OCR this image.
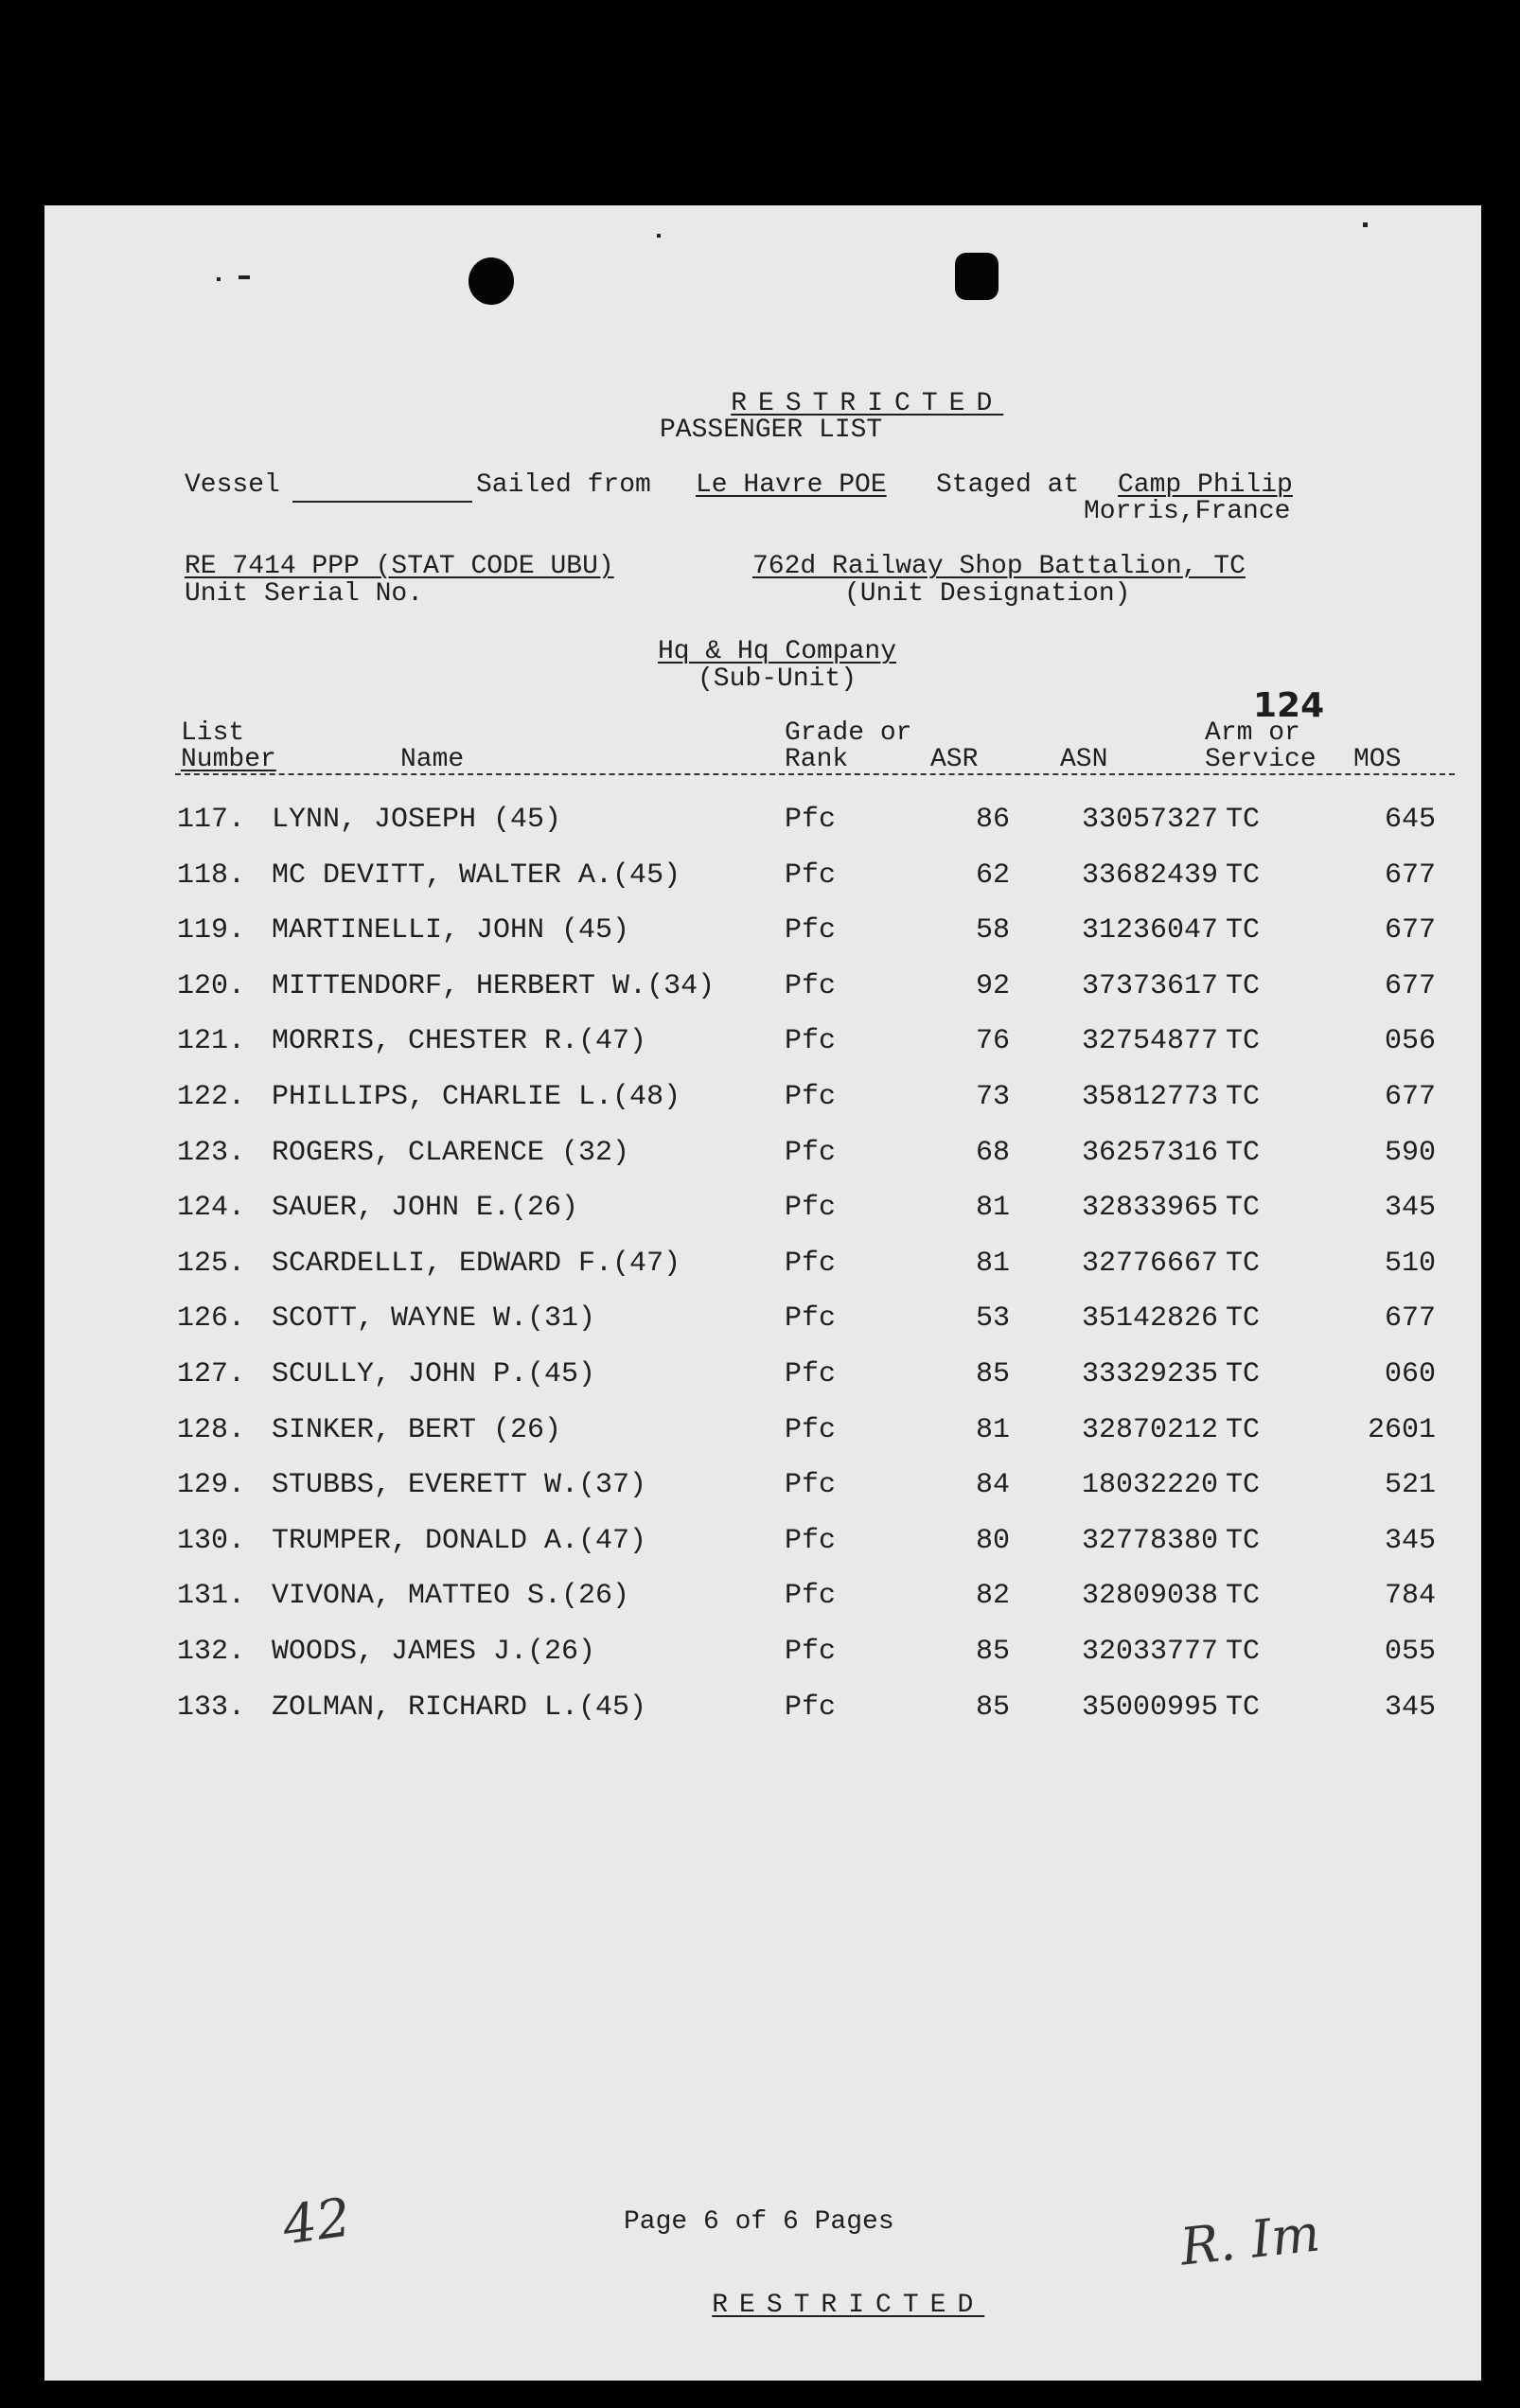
RESTRICTED

PASSENGER LIST
Vessel	Sailed from Le Havre POE Staged at Camp Philip
Morris,France
RE 7414 PPP (STAT CODE UBU)
Unit Serial No.
762d Railway Shop Battalion, TC
(Unit Designation)
Hq & Hq Company
(Sub-Unit)
124
List
Number	Name
Grade or
Rank	ASR	ASN
Arm or
Service MOS
117. LYNN, JOSEPH (45)	Pfc	86	33057327 TC	645
118. MC DEVITT, WALTER A.(45)	Pfc	62	33682439 TC	677
119. MARTINELLI, JOHN (45)	Pfc	58	31236047 TC	677
120. MITTENDORF, HERBERT W.(34) Pfc	92	37373617 TC	677
121. MORRIS, CHESTER R.(47)	Pfc	76	32754877 TC	056
122. PHILLIPS, CHARLIE L.(48)	Pfc	73	35812773 TC	677
123. ROGERS, CLARENCE (32)	Pfc	68	36257316 TC	590
124. SAUER, JOHN E.(26)	Pfc	81	32833965 TC	345
125. SCARDELLI, EDWARD F.(47)	Pfc	81	32776667 TC	510
126. SCOTT, WAYNE W.(31)	Pfc	53	35142826 TC	677
127. SCULLY, JOHN P.(45)	Pfc	85	33329235 TC	060
128. SINKER, BERT (26)	Pfc	81	32870212 TC	2601
129. STUBBS, EVERETT W.(37)	Pfc	84	18032220 TC	521
130. TRUMPER, DONALD A.(47)	Pfc	80	32778380 TC	345
131. VIVONA, MATTEO S.(26)	Pfc	82	32809038 TC	784
132. WOODS, JAMES J.(26)	Pfc	85	32033777 TC	055
133. ZOLMAN, RICHARD L.(45)	Pfc	85	35000995 TC	345
42	Page 6 of 6 Pages

RESTRICTED

R. Im
